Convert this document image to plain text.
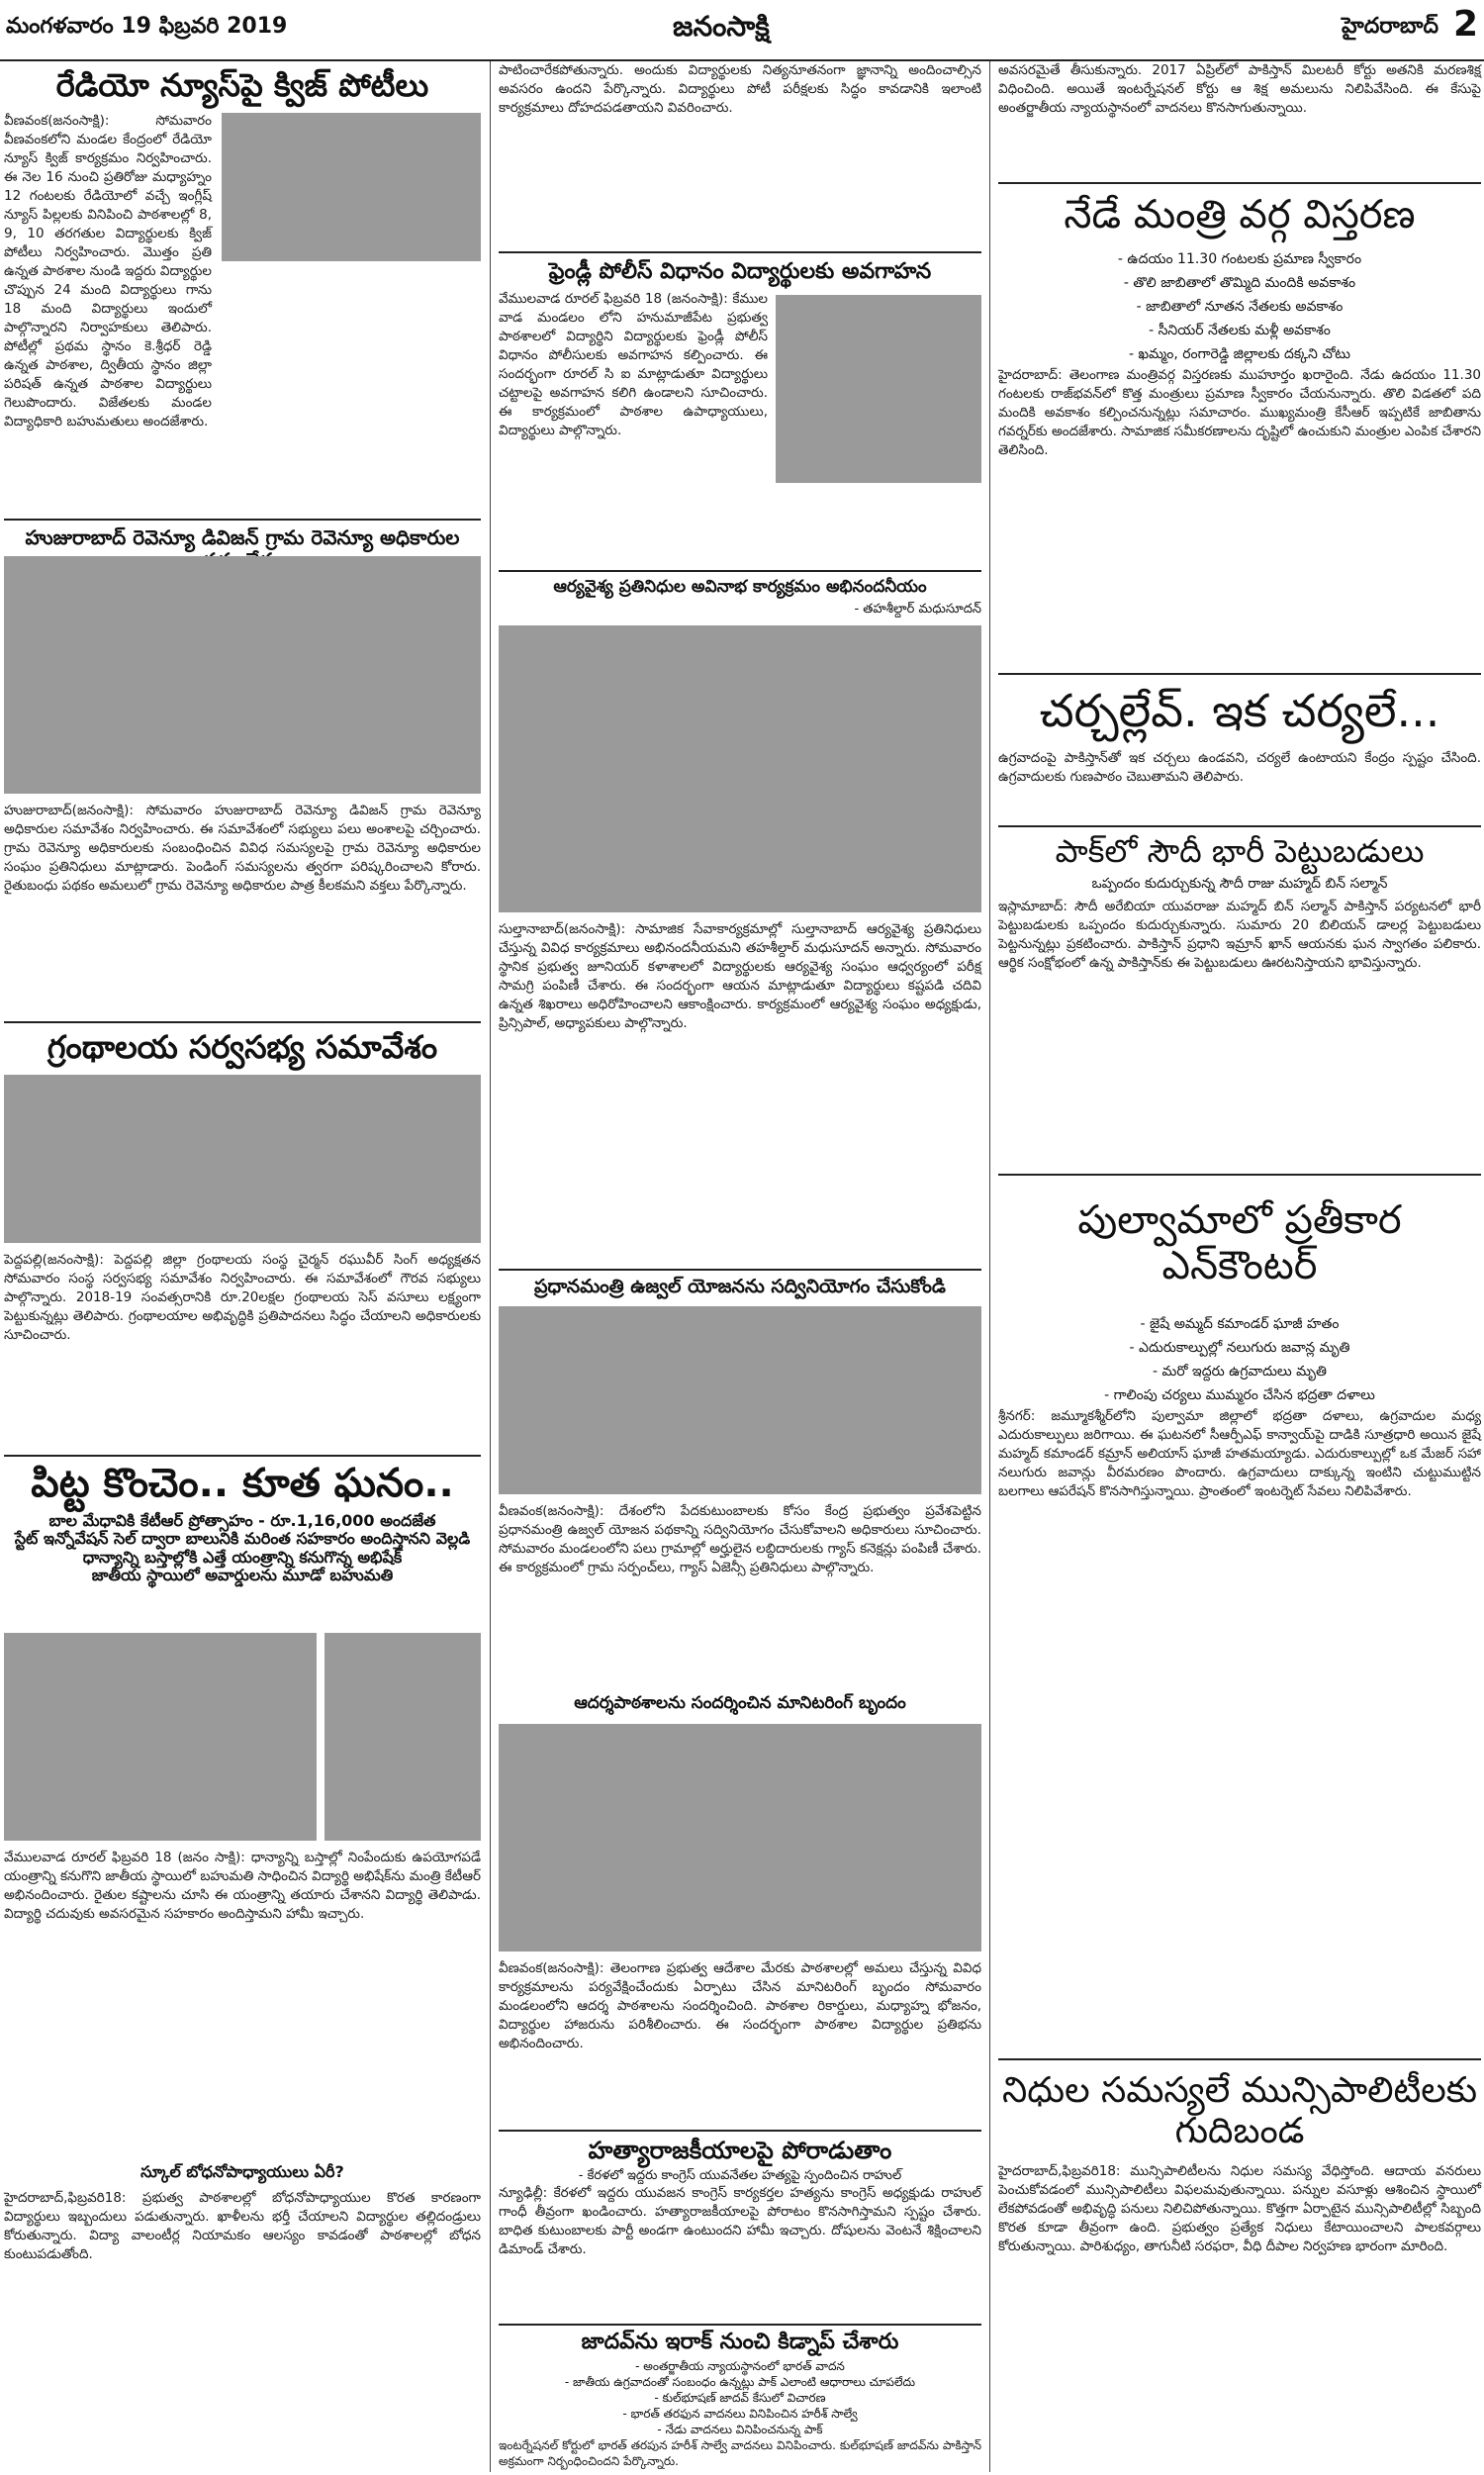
మంగళవారం 19 ఫిబ్రవరి 2019	జనంసాక్షి	హైదరాబాద్ 2
రేడియో న్యూస్‌పై క్విజ్ పోటీలు
వీణవంక(జనంసాక్షి): సోమవారం వీణవంకలోని మండల కేంద్రంలో రేడియో న్యూస్ క్విజ్ కార్యక్రమం నిర్వహించారు. ఈ నెల 16 నుంచి ప్రతిరోజు మధ్యాహ్నం 12 గంటలకు రేడియోలో వచ్చే ఇంగ్లీష్ న్యూస్ పిల్లలకు వినిపించి పాఠశాలల్లో 8, 9, 10 తరగతుల విద్యార్థులకు క్విజ్ పోటీలు నిర్వహించారు. మొత్తం ప్రతి ఉన్నత పాఠశాల నుండి ఇద్దరు విద్యార్థుల చొప్పున 24 మంది విద్యార్థులు గాను 18 మంది విద్యార్థులు ఇందులో పాల్గొన్నారని నిర్వాహకులు తెలిపారు. పోటీల్లో ప్రథమ స్థానం కె.శ్రీధర్ రెడ్డి ఉన్నత పాఠశాల, ద్వితీయ స్థానం జిల్లా పరిషత్ ఉన్నత పాఠశాల విద్యార్థులు గెలుపొందారు. విజేతలకు మండల విద్యాధికారి బహుమతులు అందజేశారు.
హుజురాబాద్ రెవెన్యూ డివిజన్ గ్రామ రెవెన్యూ అధికారుల
హుజురాబాద్(జనంసాక్షి): సోమవారం హుజురాబాద్ రెవెన్యూ డివిజన్ గ్రామ రెవెన్యూ అధికారుల సమావేశం నిర్వహించారు. ఈ సమావేశంలో సభ్యులు పలు అంశాలపై చర్చించారు. గ్రామ రెవెన్యూ అధికారులకు సంబంధించిన వివిధ సమస్యలపై గ్రామ రెవెన్యూ అధికారుల సంఘం ప్రతినిధులు మాట్లాడారు. పెండింగ్ సమస్యలను త్వరగా పరిష్కరించాలని కోరారు. రైతుబంధు పథకం అమలులో గ్రామ రెవెన్యూ అధికారుల పాత్ర కీలకమని వక్తలు పేర్కొన్నారు.
గ్రంథాలయ సర్వసభ్య సమావేశం
పెద్దపల్లి(జనంసాక్షి): పెద్దపల్లి జిల్లా గ్రంథాలయ సంస్థ చైర్మన్ రఘువీర్ సింగ్ అధ్యక్షతన సోమవారం సంస్థ సర్వసభ్య సమావేశం నిర్వహించారు. ఈ సమావేశంలో గౌరవ సభ్యులు పాల్గొన్నారు. 2018-19 సంవత్సరానికి రూ.20లక్షల గ్రంథాలయ సెస్ వసూలు లక్ష్యంగా పెట్టుకున్నట్లు తెలిపారు. గ్రంథాలయాల అభివృద్ధికి ప్రతిపాదనలు సిద్ధం చేయాలని అధికారులకు సూచించారు.
పిట్ట కొంచెం.. కూత ఘనం..
బాల మేధావికి కేటీఆర్ ప్రోత్సాహం - రూ.1,16,000 అందజేత
స్టేట్ ఇన్నోవేషన్ సెల్ ద్వారా బాలునికి మరింత సహకారం అందిస్తానని వెల్లడి
ధాన్యాన్ని బస్తాల్లోకి ఎత్తే యంత్రాన్ని కనుగొన్న అభిషేక్
జాతీయ స్థాయిలో అవార్డులను మూడో బహుమతి
వేములవాడ రూరల్ ఫిబ్రవరి 18 (జనం సాక్షి): ధాన్యాన్ని బస్తాల్లో నింపేందుకు ఉపయోగపడే యంత్రాన్ని కనుగొని జాతీయ స్థాయిలో బహుమతి సాధించిన విద్యార్థి అభిషేక్‌ను మంత్రి కేటీఆర్ అభినందించారు. రైతుల కష్టాలను చూసి ఈ యంత్రాన్ని తయారు చేశానని విద్యార్థి తెలిపాడు. విద్యార్థి చదువుకు అవసరమైన సహకారం అందిస్తామని హామీ ఇచ్చారు.
స్కూల్ బోధనోపాధ్యాయులు ఏరీ?
హైదరాబాద్,ఫిబ్రవరి18: ప్రభుత్వ పాఠశాలల్లో బోధనోపాధ్యాయుల కొరత కారణంగా విద్యార్థులు ఇబ్బందులు పడుతున్నారు. ఖాళీలను భర్తీ చేయాలని విద్యార్థుల తల్లిదండ్రులు కోరుతున్నారు. విద్యా వాలంటీర్ల నియామకం ఆలస్యం కావడంతో పాఠశాలల్లో బోధన కుంటుపడుతోంది.
పాటించారేకపోతున్నారు. అందుకు విద్యార్థులకు నిత్యనూతనంగా జ్ఞానాన్ని అందించాల్సిన అవసరం ఉందని పేర్కొన్నారు. విద్యార్థులు పోటీ పరీక్షలకు సిద్ధం కావడానికి ఇలాంటి కార్యక్రమాలు దోహదపడతాయని వివరించారు.
ఫ్రెండ్లీ పోలీస్ విధానం విద్యార్థులకు అవగాహన
వేములవాడ రూరల్ ఫిబ్రవరి 18 (జనంసాక్షి): కేముల వాడ మండలం లోని హనుమాజీపేట ప్రభుత్వ పాఠశాలలో విద్యార్థిని విద్యార్థులకు ఫ్రెండ్లీ పోలీస్ విధానం పోలీసులకు అవగాహన కల్పించారు. ఈ సందర్భంగా రూరల్ సి ఐ మాట్లాడుతూ విద్యార్థులు చట్టాలపై అవగాహన కలిగి ఉండాలని సూచించారు. ఈ కార్యక్రమంలో పాఠశాల ఉపాధ్యాయులు, విద్యార్థులు పాల్గొన్నారు.
ఆర్యవైశ్య ప్రతినిధుల అవినాభ కార్యక్రమం అభినందనీయం
- తహశీల్దార్ మధుసూదన్
సుల్తానాబాద్(జనంసాక్షి): సామాజిక సేవాకార్యక్రమాల్లో సుల్తానాబాద్ ఆర్యవైశ్య ప్రతినిధులు చేస్తున్న వివిధ కార్యక్రమాలు అభినందనీయమని తహశీల్దార్ మధుసూదన్ అన్నారు. సోమవారం స్థానిక ప్రభుత్వ జూనియర్ కళాశాలలో విద్యార్థులకు ఆర్యవైశ్య సంఘం ఆధ్వర్యంలో పరీక్ష సామగ్రి పంపిణీ చేశారు. ఈ సందర్భంగా ఆయన మాట్లాడుతూ విద్యార్థులు కష్టపడి చదివి ఉన్నత శిఖరాలు అధిరోహించాలని ఆకాంక్షించారు. కార్యక్రమంలో ఆర్యవైశ్య సంఘం అధ్యక్షుడు, ప్రిన్సిపాల్, అధ్యాపకులు పాల్గొన్నారు.
ప్రధానమంత్రి ఉజ్వల్ యోజనను సద్వినియోగం చేసుకోండి
వీణవంక(జనంసాక్షి): దేశంలోని పేదకుటుంబాలకు కోసం కేంద్ర ప్రభుత్వం ప్రవేశపెట్టిన ప్రధానమంత్రి ఉజ్వల్ యోజన పథకాన్ని సద్వినియోగం చేసుకోవాలని అధికారులు సూచించారు. సోమవారం మండలంలోని పలు గ్రామాల్లో అర్హులైన లబ్ధిదారులకు గ్యాస్ కనెక్షన్లు పంపిణీ చేశారు. ఈ కార్యక్రమంలో గ్రామ సర్పంచ్‌లు, గ్యాస్ ఏజెన్సీ ప్రతినిధులు పాల్గొన్నారు.
ఆదర్శపాఠశాలను సందర్శించిన మానిటరింగ్ బృందం
వీణవంక(జనంసాక్షి): తెలంగాణ ప్రభుత్వ ఆదేశాల మేరకు పాఠశాలల్లో అమలు చేస్తున్న వివిధ కార్యక్రమాలను పర్యవేక్షించేందుకు ఏర్పాటు చేసిన మానిటరింగ్ బృందం సోమవారం మండలంలోని ఆదర్శ పాఠశాలను సందర్శించింది. పాఠశాల రికార్డులు, మధ్యాహ్న భోజనం, విద్యార్థుల హాజరును పరిశీలించారు. ఈ సందర్భంగా పాఠశాల విద్యార్థుల ప్రతిభను అభినందించారు.
హత్యారాజకీయాలపై పోరాడుతాం
- కేరళలో ఇద్దరు కాంగ్రెస్ యువనేతల హత్యపై స్పందించిన రాహుల్
న్యూఢిల్లీ: కేరళలో ఇద్దరు యువజన కాంగ్రెస్ కార్యకర్తల హత్యను కాంగ్రెస్ అధ్యక్షుడు రాహుల్ గాంధీ తీవ్రంగా ఖండించారు. హత్యారాజకీయాలపై పోరాటం కొనసాగిస్తామని స్పష్టం చేశారు. బాధిత కుటుంబాలకు పార్టీ అండగా ఉంటుందని హామీ ఇచ్చారు. దోషులను వెంటనే శిక్షించాలని డిమాండ్ చేశారు.
జాదవ్‌ను ఇరాక్ నుంచి కిడ్నాప్ చేశారు
- అంతర్జాతీయ న్యాయస్థానంలో భారత్ వాదన
- జాతీయ ఉగ్రవాదంతో సంబంధం ఉన్నట్లు పాక్ ఎలాంటి ఆధారాలు చూపలేదు
- కుల్‌భూషణ్ జాదవ్ కేసులో విచారణ
- భారత్ తరఫున వాదనలు వినిపించిన హరీశ్ సాల్వే
- నేడు వాదనలు వినిపించనున్న పాక్
ఇంటర్నేషనల్ కోర్టులో భారత్ తరపున హరీశ్ సాల్వే వాదనలు వినిపించారు. కుల్‌భూషణ్ జాదవ్‌ను పాకిస్తాన్ అక్రమంగా నిర్బంధించిందని పేర్కొన్నారు.
అవసరమైతే తీసుకున్నారు. 2017 ఏప్రిల్‌లో పాకిస్తాన్ మిలటరీ కోర్టు అతనికి మరణశిక్ష విధించింది. అయితే ఇంటర్నేషనల్ కోర్టు ఆ శిక్ష అమలును నిలిపివేసింది. ఈ కేసుపై అంతర్జాతీయ న్యాయస్థానంలో వాదనలు కొనసాగుతున్నాయి.
నేడే మంత్రి వర్గ విస్తరణ
- ఉదయం 11.30 గంటలకు ప్రమాణ స్వీకారం
- తొలి జాబితాలో తొమ్మిది మందికి అవకాశం
- జాబితాలో నూతన నేతలకు అవకాశం
- సీనియర్ నేతలకు మళ్లీ అవకాశం
- ఖమ్మం, రంగారెడ్డి జిల్లాలకు దక్కని చోటు
హైదరాబాద్: తెలంగాణ మంత్రివర్గ విస్తరణకు ముహూర్తం ఖరారైంది. నేడు ఉదయం 11.30 గంటలకు రాజ్‌భవన్‌లో కొత్త మంత్రులు ప్రమాణ స్వీకారం చేయనున్నారు. తొలి విడతలో పది మందికి అవకాశం కల్పించనున్నట్లు సమాచారం. ముఖ్యమంత్రి కేసీఆర్ ఇప్పటికే జాబితాను గవర్నర్‌కు అందజేశారు. సామాజిక సమీకరణాలను దృష్టిలో ఉంచుకుని మంత్రుల ఎంపిక చేశారని తెలిసింది.
చర్చల్లేవ్. ఇక చర్యలే...
ఉగ్రవాదంపై పాకిస్తాన్‌తో ఇక చర్చలు ఉండవని, చర్యలే ఉంటాయని కేంద్రం స్పష్టం చేసింది. ఉగ్రవాదులకు గుణపాఠం చెబుతామని తెలిపారు.
పాక్‌లో సౌదీ భారీ పెట్టుబడులు
ఒప్పందం కుదుర్చుకున్న సౌదీ రాజు మహ్మద్ బిన్ సల్మాన్
ఇస్లామాబాద్: సౌదీ అరేబియా యువరాజు మహ్మద్ బిన్ సల్మాన్ పాకిస్తాన్ పర్యటనలో భారీ పెట్టుబడులకు ఒప్పందం కుదుర్చుకున్నారు. సుమారు 20 బిలియన్ డాలర్ల పెట్టుబడులు పెట్టనున్నట్లు ప్రకటించారు. పాకిస్తాన్ ప్రధాని ఇమ్రాన్ ఖాన్ ఆయనకు ఘన స్వాగతం పలికారు. ఆర్థిక సంక్షోభంలో ఉన్న పాకిస్తాన్‌కు ఈ పెట్టుబడులు ఊరటనిస్తాయని భావిస్తున్నారు.
పుల్వామాలో ప్రతీకార ఎన్‌కౌంటర్
- జైషే అమ్మద్ కమాండర్ ఘాజీ హతం
- ఎదురుకాల్పుల్లో నలుగురు జవాన్ల మృతి
- మరో ఇద్దరు ఉగ్రవాదులు మృతి
- గాలింపు చర్యలు ముమ్మరం చేసిన భద్రతా దళాలు
శ్రీనగర్: జమ్మూకశ్మీర్‌లోని పుల్వామా జిల్లాలో భద్రతా దళాలు, ఉగ్రవాదుల మధ్య ఎదురుకాల్పులు జరిగాయి. ఈ ఘటనలో సీఆర్పీఎఫ్ కాన్వాయ్‌పై దాడికి సూత్రధారి అయిన జైషే మహ్మద్ కమాండర్ కమ్రాన్ అలియాస్ ఘాజీ హతమయ్యాడు. ఎదురుకాల్పుల్లో ఒక మేజర్ సహా నలుగురు జవాన్లు వీరమరణం పొందారు. ఉగ్రవాదులు దాక్కున్న ఇంటిని చుట్టుముట్టిన బలగాలు ఆపరేషన్ కొనసాగిస్తున్నాయి. ప్రాంతంలో ఇంటర్నెట్ సేవలు నిలిపివేశారు.
నిధుల సమస్యలే మున్సిపాలిటీలకు గుదిబండ
హైదరాబాద్,ఫిబ్రవరి18: మున్సిపాలిటీలను నిధుల సమస్య వేధిస్తోంది. ఆదాయ వనరులు పెంచుకోవడంలో మున్సిపాలిటీలు విఫలమవుతున్నాయి. పన్నుల వసూళ్లు ఆశించిన స్థాయిలో లేకపోవడంతో అభివృద్ధి పనులు నిలిచిపోతున్నాయి. కొత్తగా ఏర్పాటైన మున్సిపాలిటీల్లో సిబ్బంది కొరత కూడా తీవ్రంగా ఉంది. ప్రభుత్వం ప్రత్యేక నిధులు కేటాయించాలని పాలకవర్గాలు కోరుతున్నాయి. పారిశుధ్యం, తాగునీటి సరఫరా, వీధి దీపాల నిర్వహణ భారంగా మారింది.
